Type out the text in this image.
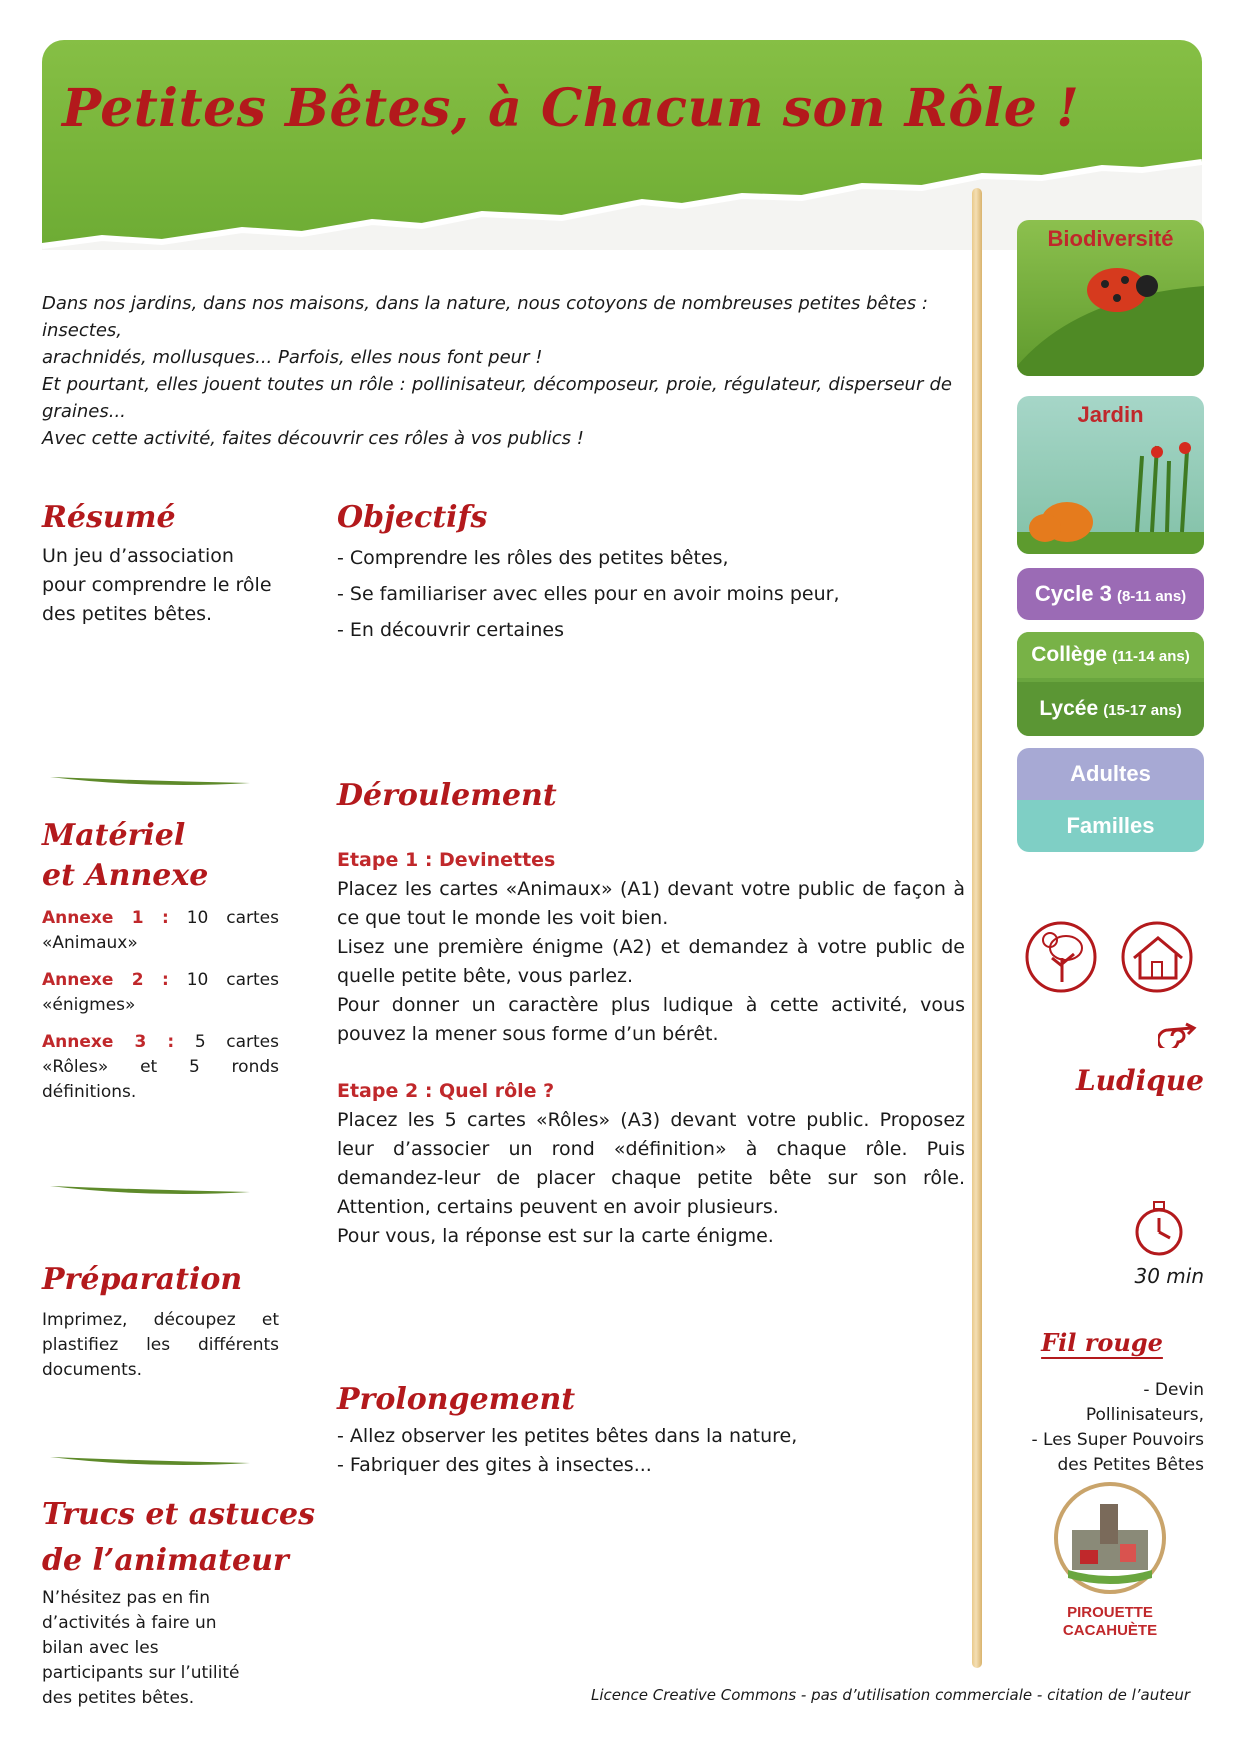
Petites Bêtes, à Chacun son Rôle !
Dans nos jardins, dans nos maisons, dans la nature, nous cotoyons de nombreuses petites bêtes : insectes,
arachnidés, mollusques... Parfois, elles nous font peur !
Et pourtant, elles jouent toutes un rôle : pollinisateur, décomposeur, proie, régulateur, disperseur de
graines...
Avec cette activité, faites découvrir ces rôles à vos publics !
Résumé
Un jeu d’association pour comprendre le rôle des petites bêtes.
Objectifs
- Comprendre les rôles des petites bêtes,
- Se familiariser avec elles pour en avoir moins peur,
- En découvrir certaines
Matériel
et Annexe
Annexe 1 : 10 cartes «Animaux»
Annexe 2 : 10 cartes «énigmes»
Annexe 3 : 5 cartes «Rôles» et 5 ronds définitions.
Déroulement
Etape 1 : Devinettes
Placez les cartes «Animaux» (A1) devant votre public de façon à ce que tout le monde les voit bien.
Lisez une première énigme (A2) et demandez à votre public de quelle petite bête, vous parlez.
Pour donner un caractère plus ludique à cette activité, vous pouvez la mener sous forme d’un bérêt.
Etape 2 : Quel rôle ?
Placez les 5 cartes «Rôles» (A3) devant votre public. Proposez leur d’associer un rond «définition» à chaque rôle. Puis demandez-leur de placer chaque petite bête sur son rôle. Attention, certains peuvent en avoir plusieurs.
Pour vous, la réponse est sur la carte énigme.
Préparation
Imprimez, découpez et plastifiez les différents documents.
Prolongement
- Allez observer les petites bêtes dans la nature,
- Fabriquer des gites à insectes...
Trucs et astuces
de l’animateur
N’hésitez pas en fin d’activités à faire un bilan avec les participants sur l’utilité des petites bêtes.
Biodiversité
Jardin
Cycle 3 (8-11 ans)
Collège (11-14 ans)
Lycée (15-17 ans)
Adultes
Familles
Ludique
30 min
Fil rouge
- Devin
Pollinisateurs,
- Les Super Pouvoirs
des Petites Bêtes
PIROUETTE
CACAHUÈTE
Licence Creative Commons - pas d’utilisation commerciale - citation de l’auteur
